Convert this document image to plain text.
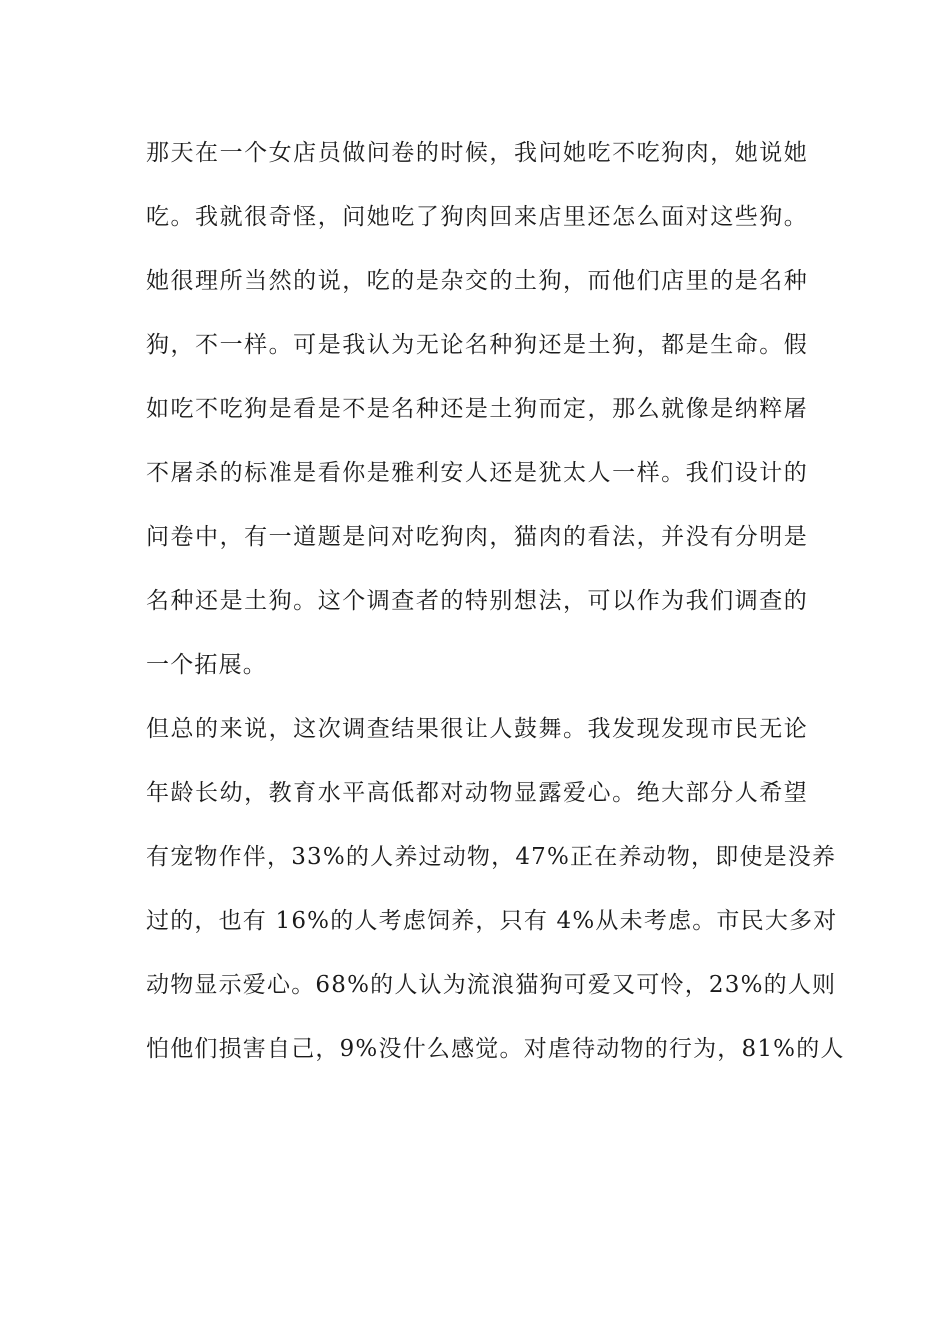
那天在一个女店员做问卷的时候，我问她吃不吃狗肉，她说她
吃。我就很奇怪，问她吃了狗肉回来店里还怎么面对这些狗。
她很理所当然的说，吃的是杂交的土狗，而他们店里的是名种
狗，不一样。可是我认为无论名种狗还是土狗，都是生命。假
如吃不吃狗是看是不是名种还是土狗而定，那么就像是纳粹屠
不屠杀的标准是看你是雅利安人还是犹太人一样。我们设计的
问卷中，有一道题是问对吃狗肉，猫肉的看法，并没有分明是
名种还是土狗。这个调查者的特别想法，可以作为我们调查的
一个拓展。
但总的来说，这次调查结果很让人鼓舞。我发现发现市民无论
年龄长幼，教育水平高低都对动物显露爱心。绝大部分人希望
有宠物作伴，33%的人养过动物，47%正在养动物，即使是没养
过的，也有 16%的人考虑饲养，只有 4%从未考虑。市民大多对
动物显示爱心。68%的人认为流浪猫狗可爱又可怜，23%的人则
怕他们损害自己，9%没什么感觉。对虐待动物的行为，81%的人
